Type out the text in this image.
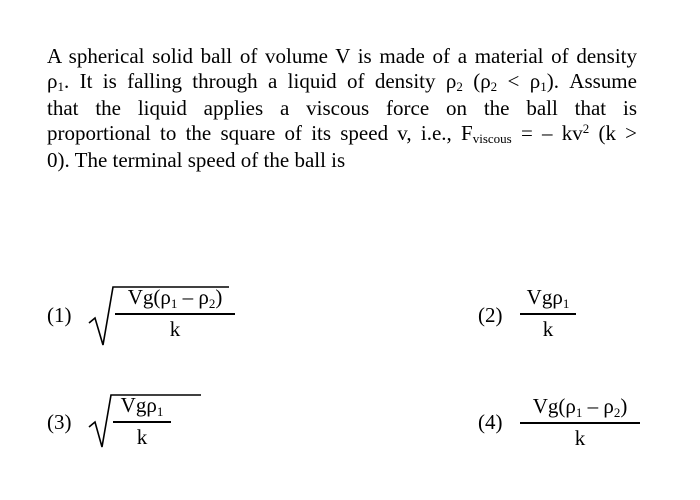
A spherical solid ball of volume V is made of a material of density
ρ1. It is falling through a liquid of density ρ2 (ρ2 < ρ1). Assume
that the liquid applies a viscous force on the ball that is
proportional to the square of its speed v, i.e., Fviscous = – $kv^2$ (k >
0). The terminal speed of the ball is
(1)
Vg(ρ1 – ρ2)
k
(2)
Vgρ1
k
(3)
Vgρ1
k
(4)
Vg(ρ1 – ρ2)
k
